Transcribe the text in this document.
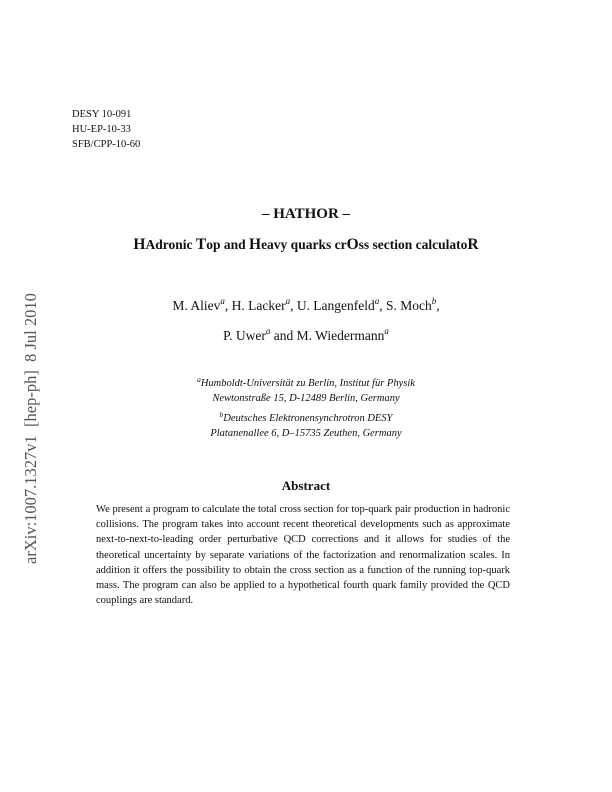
DESY 10-091
HU-EP-10-33
SFB/CPP-10-60
arXiv:1007.1327v1  [hep-ph]  8 Jul 2010
– HATHOR –
HAdronic Top and Heavy quarks crOss section calculatoR
M. Aliev$^a$, H. Lacker$^a$, U. Langenfeld$^a$, S. Moch$^b$,
P. Uwer$^a$ and M. Wiedermann$^a$
$^a$Humboldt-Universität zu Berlin, Institut für Physik
Newtonstraße 15, D-12489 Berlin, Germany
$^b$Deutsches Elektronensynchrotron DESY
Platanenallee 6, D–15735 Zeuthen, Germany
Abstract
We present a program to calculate the total cross section for top-quark pair production in hadronic collisions. The program takes into account recent theoretical developments such as approximate next-to-next-to-leading order perturbative QCD corrections and it allows for studies of the theoretical uncertainty by separate variations of the factorization and renormalization scales. In addition it offers the possibility to obtain the cross section as a function of the running top-quark mass. The program can also be applied to a hypothetical fourth quark family provided the QCD couplings are standard.
